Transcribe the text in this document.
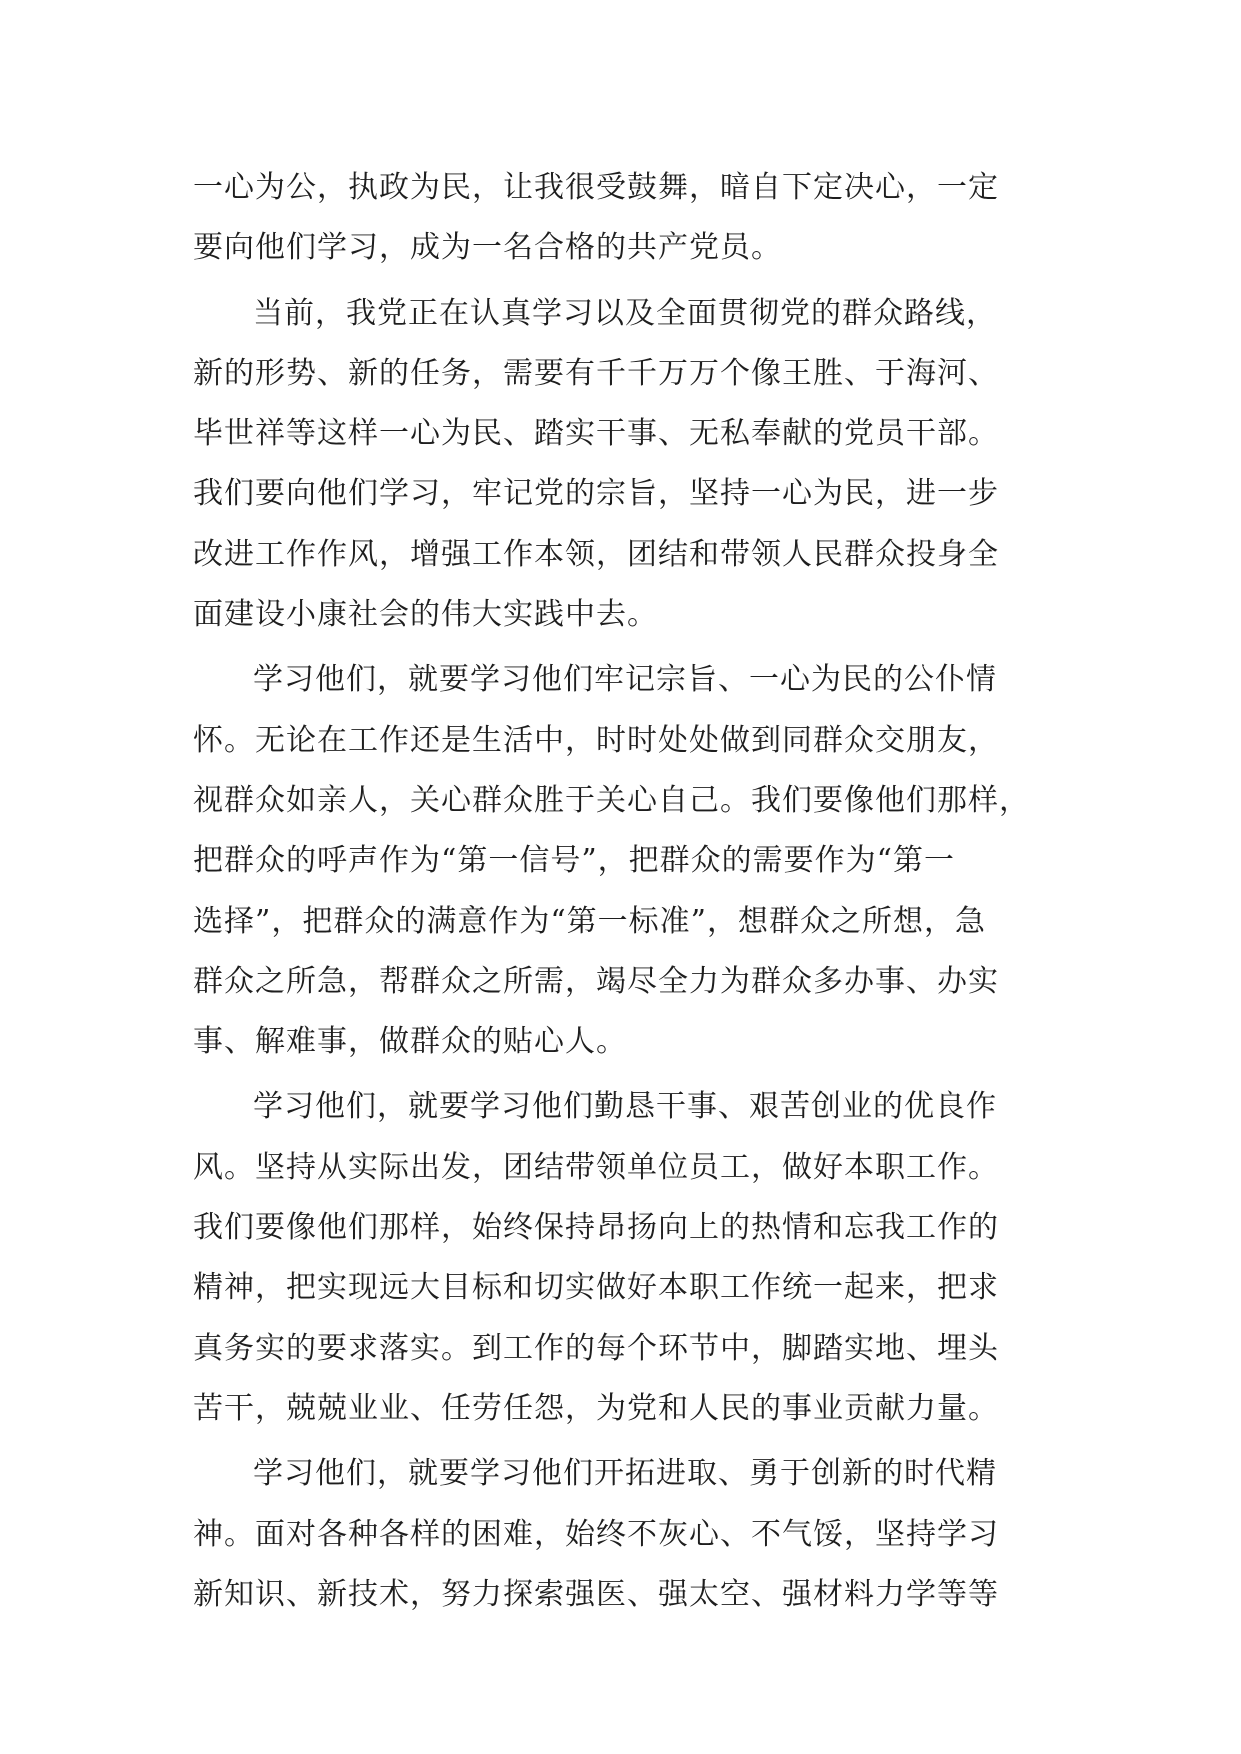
一心为公，执政为民，让我很受鼓舞，暗自下定决心，一定
要向他们学习，成为一名合格的共产党员。
当前，我党正在认真学习以及全面贯彻党的群众路线，
新的形势、新的任务，需要有千千万万个像王胜、于海河、
毕世祥等这样一心为民、踏实干事、无私奉献的党员干部。
我们要向他们学习，牢记党的宗旨，坚持一心为民，进一步
改进工作作风，增强工作本领，团结和带领人民群众投身全
面建设小康社会的伟大实践中去。
学习他们，就要学习他们牢记宗旨、一心为民的公仆情
怀。无论在工作还是生活中，时时处处做到同群众交朋友，
视群众如亲人，关心群众胜于关心自己。我们要像他们那样，
把群众的呼声作为“第一信号”，把群众的需要作为“第一
选择”，把群众的满意作为“第一标准”，想群众之所想，急
群众之所急，帮群众之所需，竭尽全力为群众多办事、办实
事、解难事，做群众的贴心人。
学习他们，就要学习他们勤恳干事、艰苦创业的优良作
风。坚持从实际出发，团结带领单位员工，做好本职工作。
我们要像他们那样，始终保持昂扬向上的热情和忘我工作的
精神，把实现远大目标和切实做好本职工作统一起来，把求
真务实的要求落实。到工作的每个环节中，脚踏实地、埋头
苦干，兢兢业业、任劳任怨，为党和人民的事业贡献力量。
学习他们，就要学习他们开拓进取、勇于创新的时代精
神。面对各种各样的困难，始终不灰心、不气馁，坚持学习
新知识、新技术，努力探索强医、强太空、强材料力学等等
